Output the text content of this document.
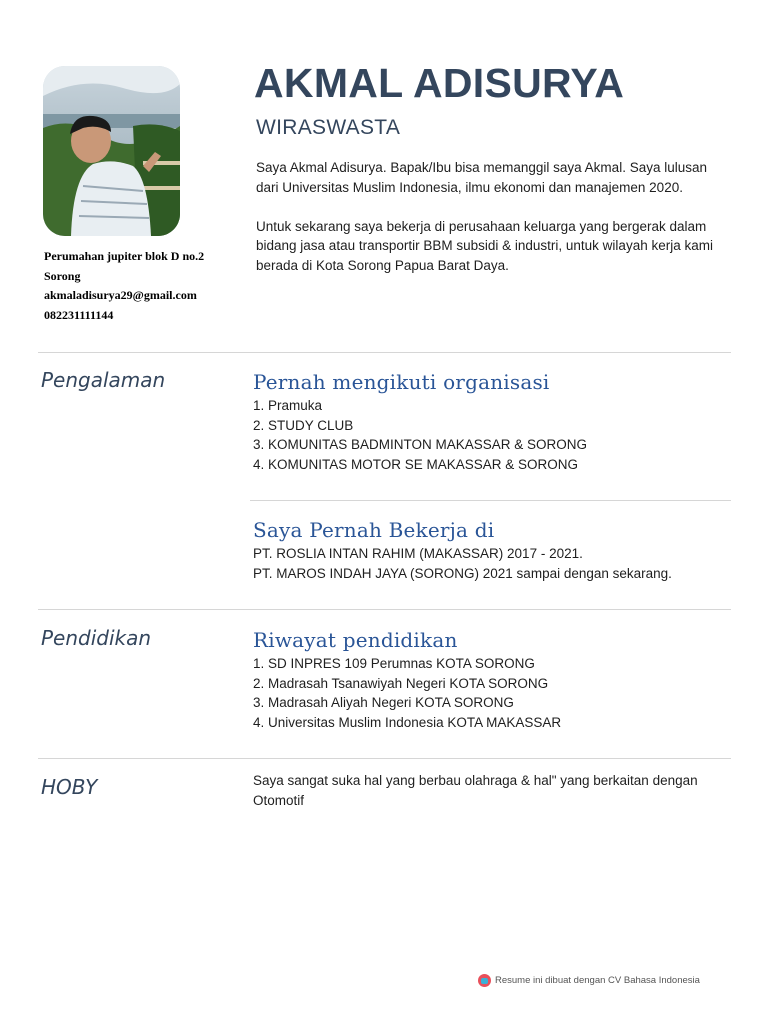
Perumahan jupiter blok D no.2
Sorong
akmaladisurya29@gmail.com
082231111144
AKMAL ADISURYA
WIRASWASTA

Saya Akmal Adisurya. Bapak/Ibu bisa memanggil saya Akmal. Saya lulusan dari Universitas Muslim Indonesia, ilmu ekonomi dan manajemen 2020.

Untuk sekarang saya bekerja di perusahaan keluarga yang bergerak dalam bidang jasa atau transportir BBM subsidi & industri, untuk wilayah kerja kami berada di Kota Sorong Papua Barat Daya.

Pengalaman	Pernah mengikuti organisasi
1. Pramuka
2. STUDY CLUB
3. KOMUNITAS BADMINTON MAKASSAR & SORONG
4. KOMUNITAS MOTOR SE MAKASSAR & SORONG
Saya Pernah Bekerja di
PT. ROSLIA INTAN RAHIM (MAKASSAR) 2017 - 2021.
PT. MAROS INDAH JAYA (SORONG) 2021 sampai dengan sekarang.
Pendidikan	Riwayat pendidikan
1. SD INPRES 109 Perumnas KOTA SORONG
2. Madrasah Tsanawiyah Negeri KOTA SORONG
3. Madrasah Aliyah Negeri KOTA SORONG
4. Universitas Muslim Indonesia KOTA MAKASSAR
HOBY	Saya sangat suka hal yang berbau olahraga & hal" yang berkaitan dengan Otomotif
Resume ini dibuat dengan CV Bahasa Indonesia
